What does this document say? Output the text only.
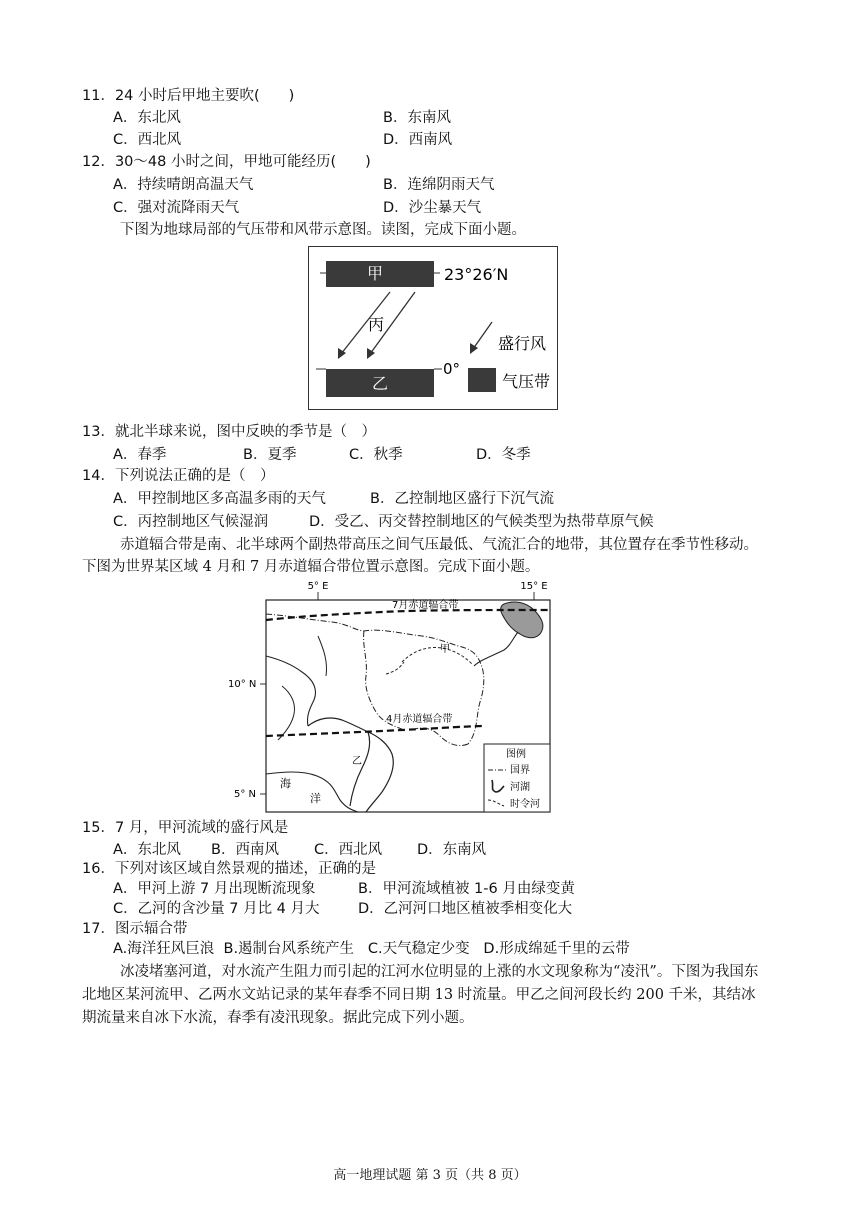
11．24 小时后甲地主要吹(　　)
A．东北风	B．东南风
C．西北风	D．西南风
12．30～48 小时之间，甲地可能经历(　　)
A．持续晴朗高温天气	B．连绵阴雨天气
C．强对流降雨天气	D．沙尘暴天气
下图为地球局部的气压带和风带示意图。读图，完成下面小题。
甲	23°26′N
丙
乙
0°
盛行风
气压带
13．就北半球来说，图中反映的季节是（　）
A．春季	B．夏季	C．秋季	D．冬季
14．下列说法正确的是（　）
A．甲控制地区多高温多雨的天气	B．乙控制地区盛行下沉气流
C．丙控制地区气候湿润	D．受乙、丙交替控制地区的气候类型为热带草原气候
赤道辐合带是南、北半球两个副热带高压之间气压最低、气流汇合的地带，其位置存在季节性移动。
下图为世界某区域 4 月和 7 月赤道辐合带位置示意图。完成下面小题。
5° E	15° E
10° N
5° N
海
洋
7月赤道辐合带
4月赤道辐合带
甲
乙
图例
国界
河湖
时令河
15．7 月，甲河流域的盛行风是
A．东北风 B．西南风 C．西北风 D．东南风
16．下列对该区域自然景观的描述，正确的是
A．甲河上游 7 月出现断流现象	B．甲河流域植被 1-6 月由绿变黄
C．乙河的含沙量 7 月比 4 月大	D．乙河河口地区植被季相变化大
17．图示辐合带
A.海洋狂风巨浪  B.遏制台风系统产生   C.天气稳定少变   D.形成绵延千里的云带
冰凌堵塞河道，对水流产生阻力而引起的江河水位明显的上涨的水文现象称为“凌汛”。下图为我国东
北地区某河流甲、乙两水文站记录的某年春季不同日期 13 时流量。甲乙之间河段长约 200 千米，其结冰
期流量来自冰下水流，春季有凌汛现象。据此完成下列小题。
高一地理试题 第 3 页（共 8 页）
